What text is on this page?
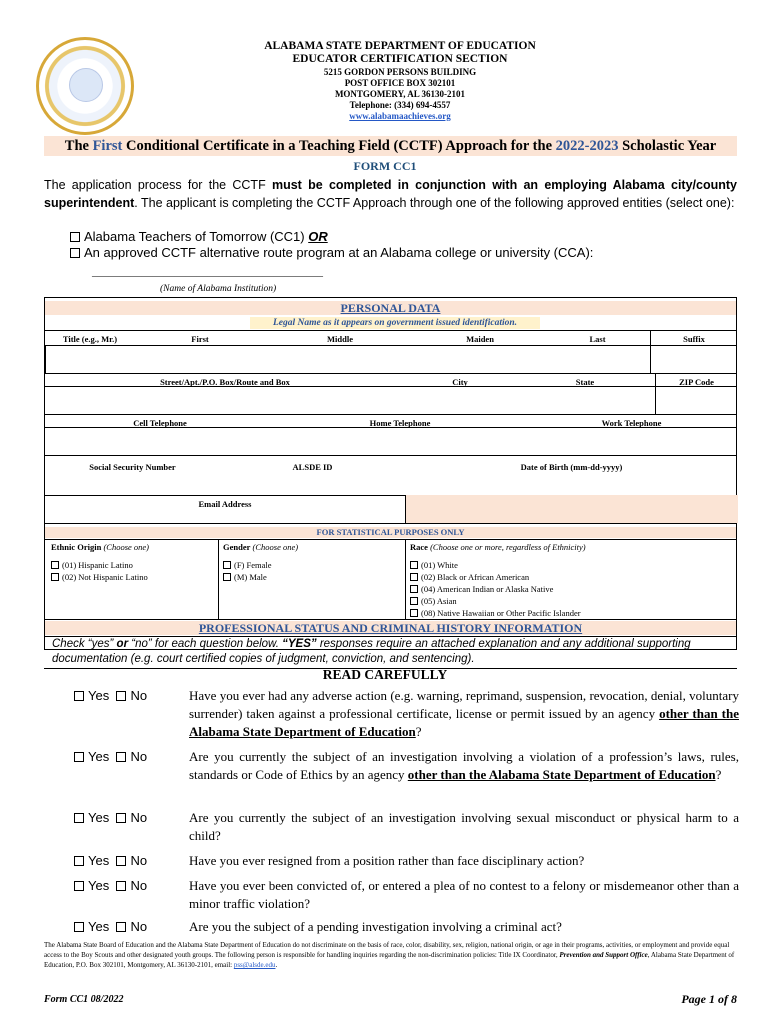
ALABAMA STATE DEPARTMENT OF EDUCATION
EDUCATOR CERTIFICATION SECTION
5215 GORDON PERSONS BUILDING
POST OFFICE BOX 302101
MONTGOMERY, AL 36130-2101
Telephone: (334) 694-4557
www.alabamaachieves.org
The First Conditional Certificate in a Teaching Field (CCTF) Approach for the 2022-2023 Scholastic Year
FORM CC1
The application process for the CCTF must be completed in conjunction with an employing Alabama city/county superintendent. The applicant is completing the CCTF Approach through one of the following approved entities (select one):
Alabama Teachers of Tomorrow (CC1) OR
An approved CCTF alternative route program at an Alabama college or university (CCA):
__________________________________________
(Name of Alabama Institution)
PERSONAL DATA
Legal Name as it appears on government issued identification.
Title (e.g., Mr.)	First	Middle	Maiden	Last	Suffix
Street/Apt./P.O. Box/Route and Box	City	State	ZIP Code
Cell Telephone	Home Telephone	Work Telephone
Social Security Number	ALSDE ID	Date of Birth (mm-dd-yyyy)
Email Address
FOR STATISTICAL PURPOSES ONLY
Ethnic Origin (Choose one)	Gender (Choose one)	Race (Choose one or more, regardless of Ethnicity)
(01) Hispanic Latino
(02) Not Hispanic Latino
(F) Female
(M) Male
(01) White
(02) Black or African American
(04) American Indian or Alaska Native
(05) Asian
(08) Native Hawaiian or Other Pacific Islander
PROFESSIONAL STATUS AND CRIMINAL HISTORY INFORMATION
Check “yes” or “no” for each question below. “YES” responses require an attached explanation and any additional supporting documentation (e.g. court certified copies of judgment, conviction, and sentencing).
READ CAREFULLY
Yes No	Have you ever had any adverse action (e.g. warning, reprimand, suspension, revocation, denial, voluntary surrender) taken against a professional certificate, license or permit issued by an agency other than the Alabama State Department of Education?
Yes No	Are you currently the subject of an investigation involving a violation of a profession’s laws, rules, standards or Code of Ethics by an agency other than the Alabama State Department of Education?
Yes No	Are you currently the subject of an investigation involving sexual misconduct or physical harm to a child?
Yes No	Have you ever resigned from a position rather than face disciplinary action?
Yes No	Have you ever been convicted of, or entered a plea of no contest to a felony or misdemeanor other than a minor traffic violation?
Yes No	Are you the subject of a pending investigation involving a criminal act?
The Alabama State Board of Education and the Alabama State Department of Education do not discriminate on the basis of race, color, disability, sex, religion, national origin, or age in their programs, activities, or employment and provide equal access to the Boy Scouts and other designated youth groups. The following person is responsible for handling inquiries regarding the non-discrimination policies: Title IX Coordinator, Prevention and Support Office, Alabama State Department of Education, P.O. Box 302101, Montgomery, AL 36130-2101, email: pss@alsde.edu.
Form CC1 08/2022	Page 1 of 8
